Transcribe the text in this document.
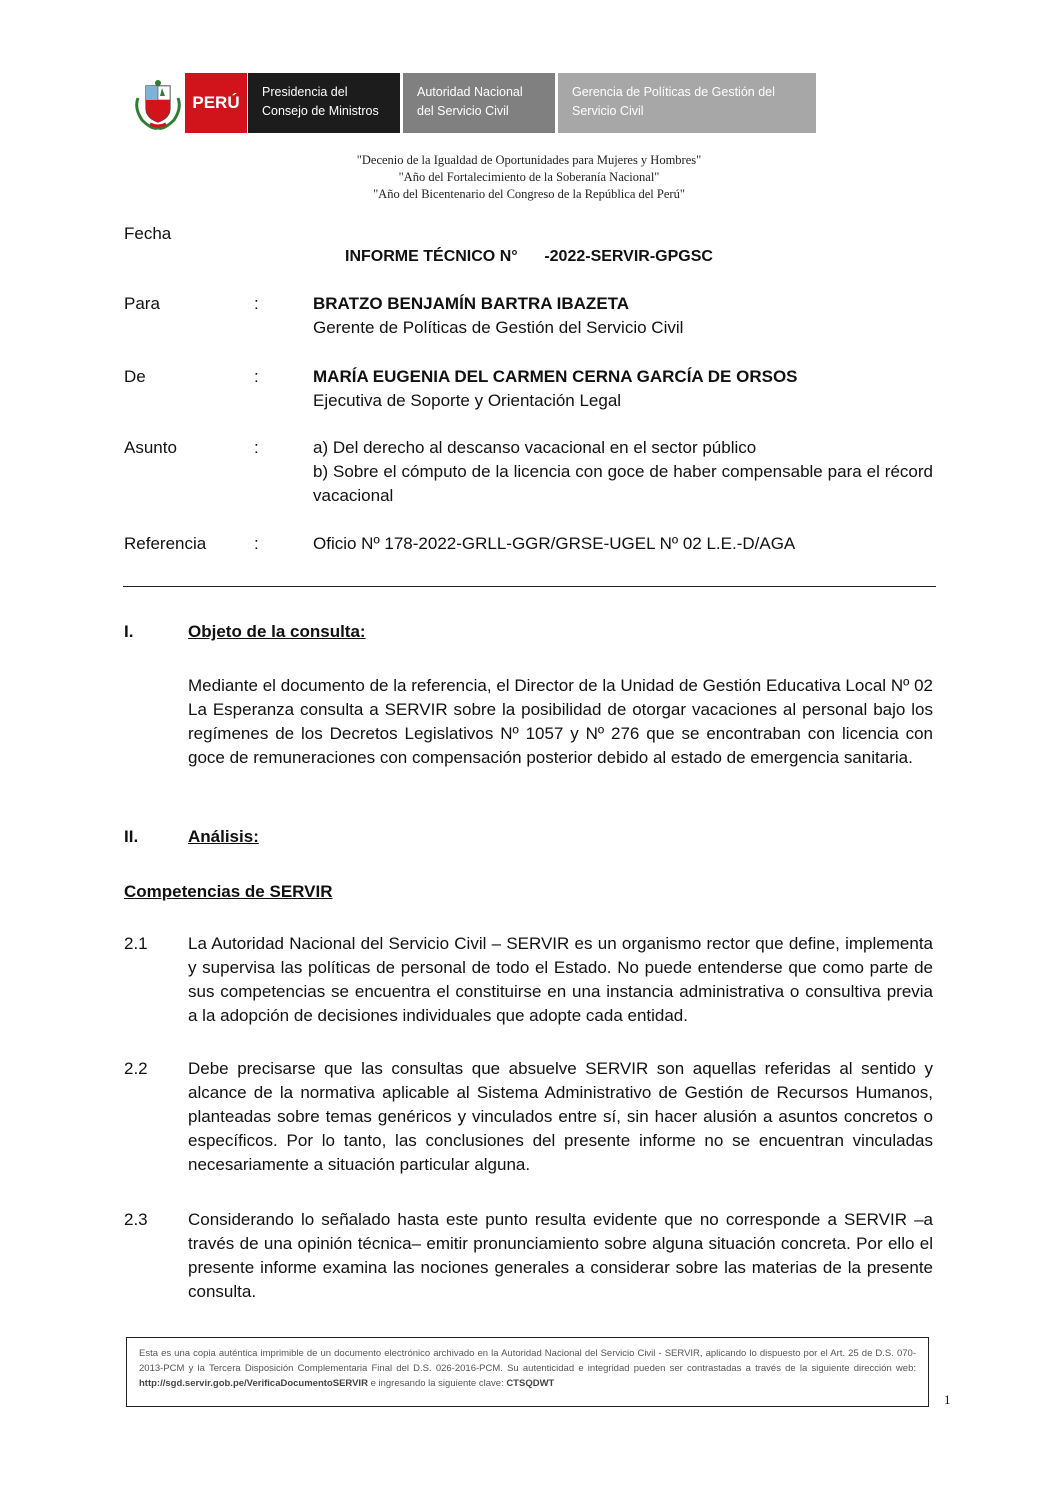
PERÚ
Presidencia del
Consejo de Ministros
Autoridad Nacional
del Servicio Civil
Gerencia de Políticas de Gestión del
Servicio Civil
"Decenio de la Igualdad de Oportunidades para Mujeres y Hombres"
"Año del Fortalecimiento de la Soberanía Nacional"
"Año del Bicentenario del Congreso de la República del Perú"
Fecha
INFORME TÉCNICO N°      -2022-SERVIR-GPGSC
Para	:	BRATZO BENJAMÍN BARTRA IBAZETA
Gerente de Políticas de Gestión del Servicio Civil
De	:	MARÍA EUGENIA DEL CARMEN CERNA GARCÍA DE ORSOS
Ejecutiva de Soporte y Orientación Legal
Asunto	:	a) Del derecho al descanso vacacional en el sector público
b) Sobre el cómputo de la licencia con goce de haber compensable para el récord vacacional
Referencia	:	Oficio Nº 178-2022-GRLL-GGR/GRSE-UGEL Nº 02 L.E.-D/AGA
I.	Objeto de la consulta:
Mediante el documento de la referencia, el Director de la Unidad de Gestión Educativa Local Nº 02 La Esperanza consulta a SERVIR sobre la posibilidad de otorgar vacaciones al personal bajo los regímenes de los Decretos Legislativos Nº 1057 y Nº 276 que se encontraban con licencia con goce de remuneraciones con compensación posterior debido al estado de emergencia sanitaria.
II.	Análisis:
Competencias de SERVIR
2.1 La Autoridad Nacional del Servicio Civil – SERVIR es un organismo rector que define, implementa y supervisa las políticas de personal de todo el Estado. No puede entenderse que como parte de sus competencias se encuentra el constituirse en una instancia administrativa o consultiva previa a la adopción de decisiones individuales que adopte cada entidad.
2.2 Debe precisarse que las consultas que absuelve SERVIR son aquellas referidas al sentido y alcance de la normativa aplicable al Sistema Administrativo de Gestión de Recursos Humanos, planteadas sobre temas genéricos y vinculados entre sí, sin hacer alusión a asuntos concretos o específicos. Por lo tanto, las conclusiones del presente informe no se encuentran vinculadas necesariamente a situación particular alguna.
2.3 Considerando lo señalado hasta este punto resulta evidente que no corresponde a SERVIR –a través de una opinión técnica– emitir pronunciamiento sobre alguna situación concreta. Por ello el presente informe examina las nociones generales a considerar sobre las materias de la presente consulta.
Esta es una copia auténtica imprimible de un documento electrónico archivado en la Autoridad Nacional del Servicio Civil - SERVIR, aplicando lo dispuesto por el Art. 25 de D.S. 070-2013-PCM y la Tercera Disposición Complementaria Final del D.S. 026-2016-PCM. Su autenticidad e integridad pueden ser contrastadas a través de la siguiente dirección web: http://sgd.servir.gob.pe/VerificaDocumentoSERVIR e ingresando la siguiente clave: CTSQDWT
1
